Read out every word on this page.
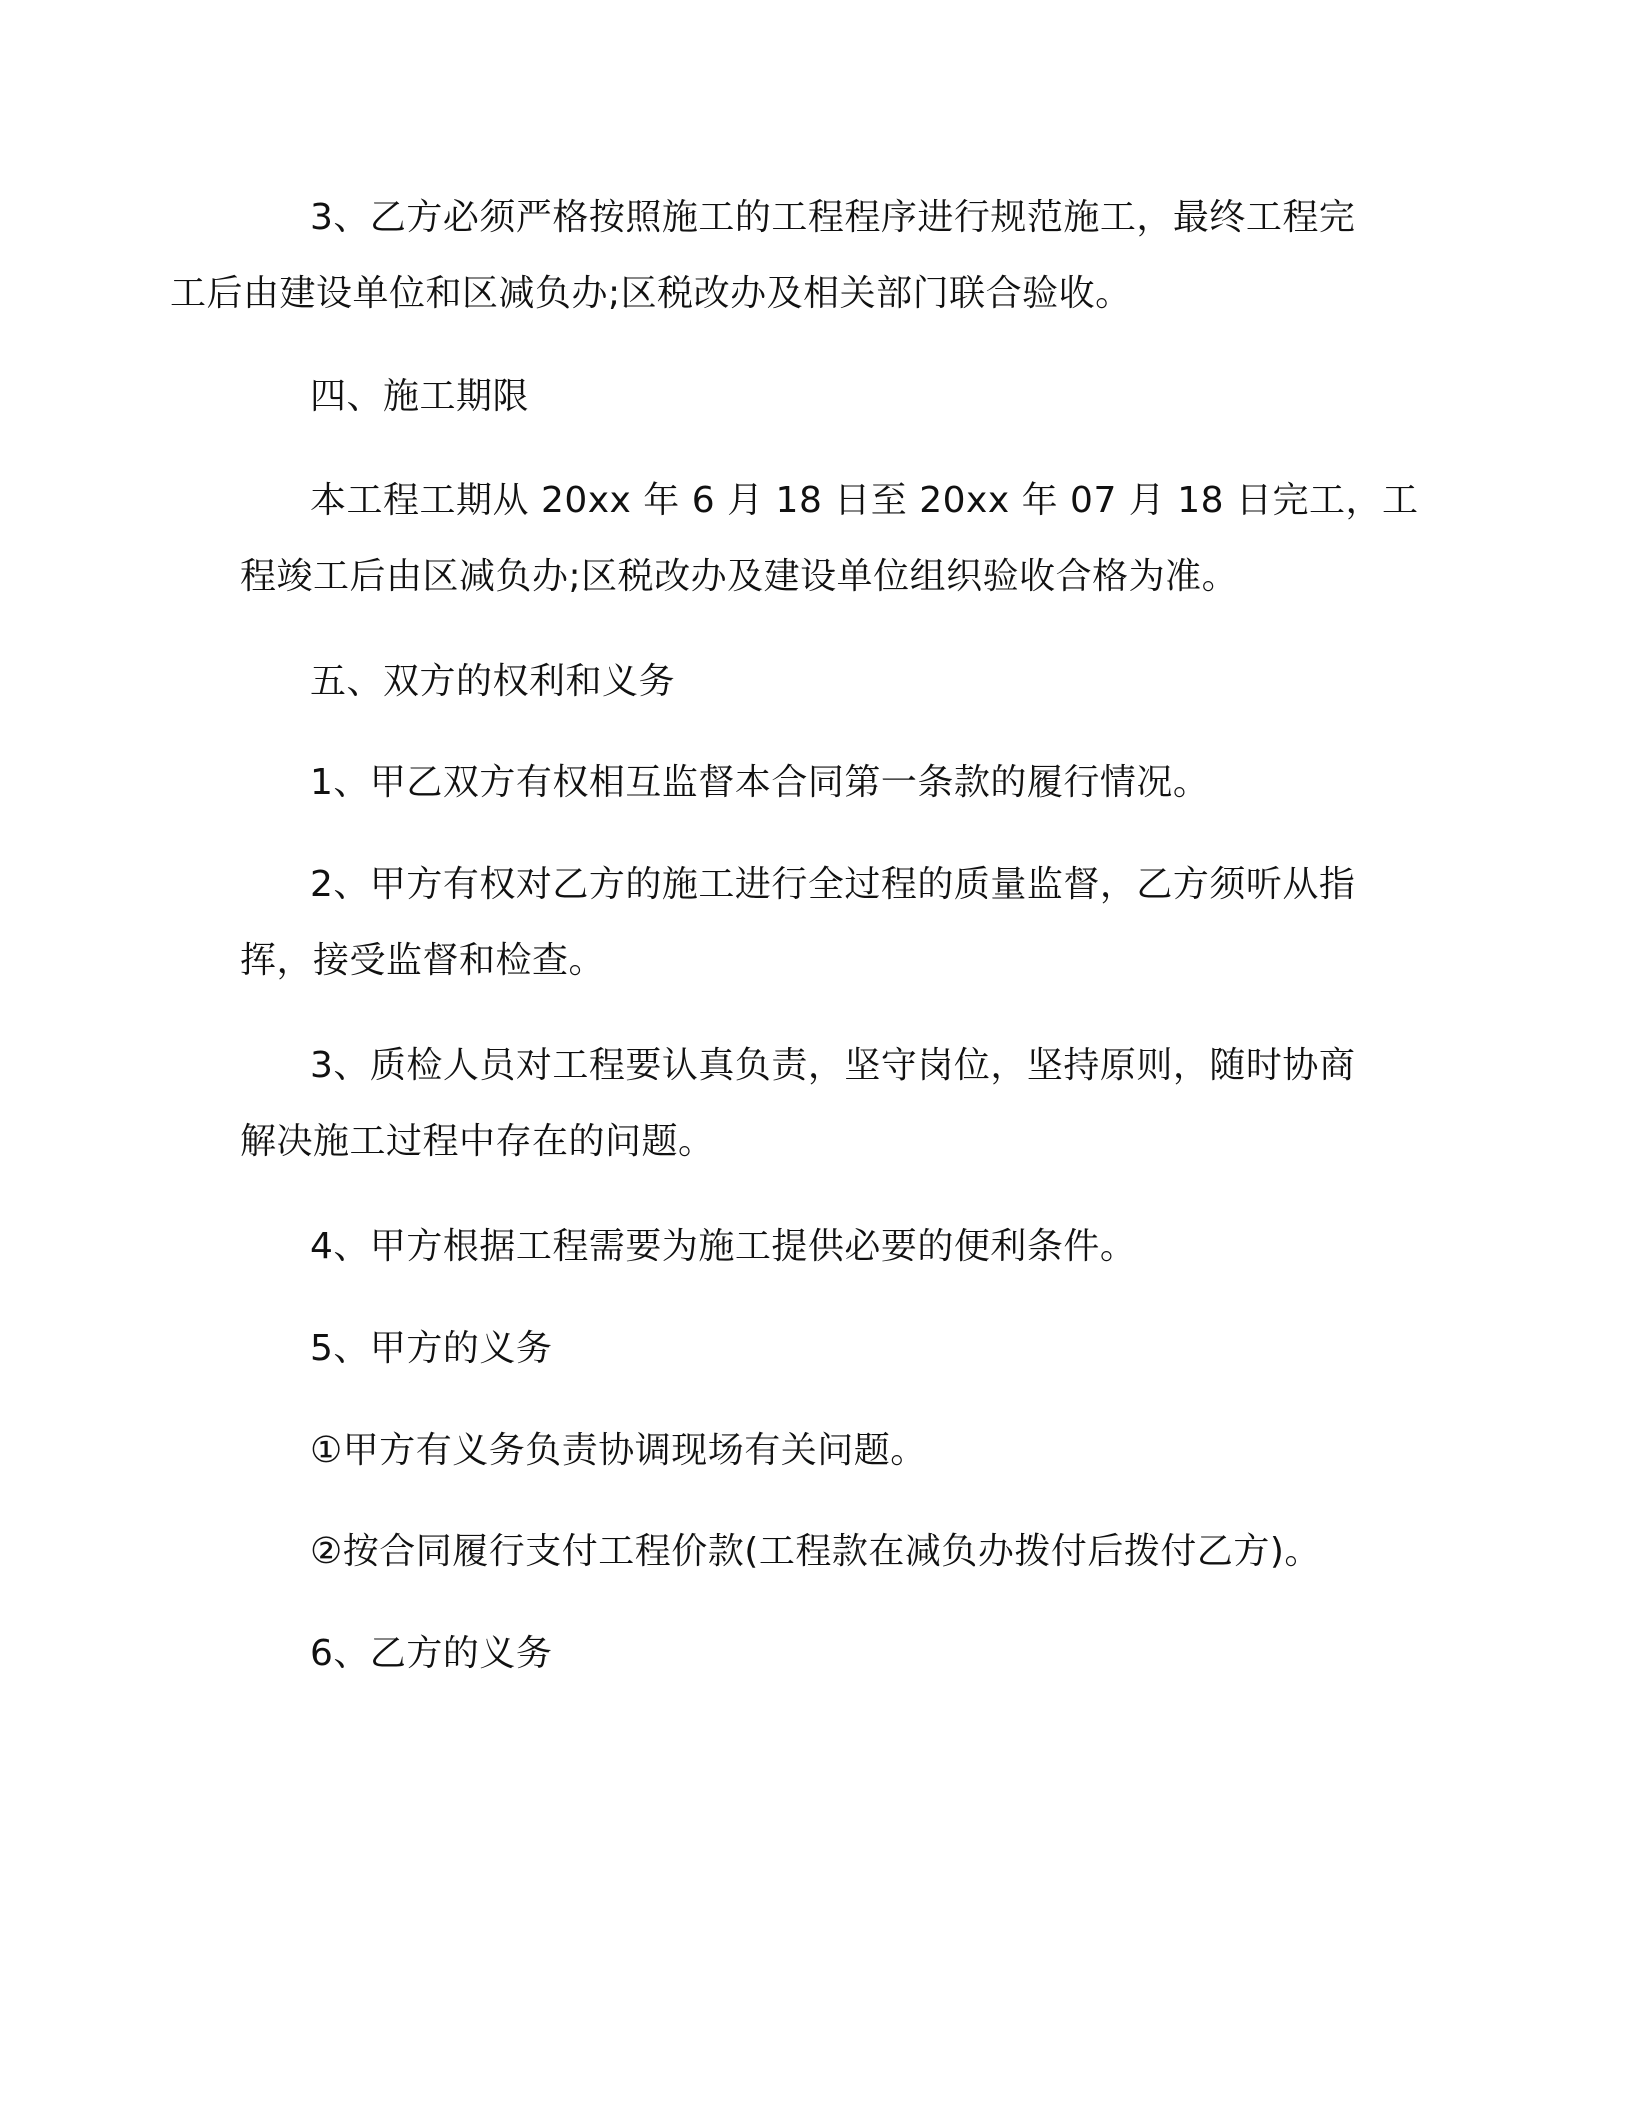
3、乙方必须严格按照施工的工程程序进行规范施工，最终工程完
工后由建设单位和区减负办;区税改办及相关部门联合验收。
四、施工期限
本工程工期从 20xx 年 6 月 18 日至 20xx 年 07 月 18 日完工，工
程竣工后由区减负办;区税改办及建设单位组织验收合格为准。
五、双方的权利和义务
1、甲乙双方有权相互监督本合同第一条款的履行情况。
2、甲方有权对乙方的施工进行全过程的质量监督，乙方须听从指
挥，接受监督和检查。
3、质检人员对工程要认真负责，坚守岗位，坚持原则，随时协商
解决施工过程中存在的问题。
4、甲方根据工程需要为施工提供必要的便利条件。
5、甲方的义务
①甲方有义务负责协调现场有关问题。
②按合同履行支付工程价款(工程款在减负办拨付后拨付乙方)。
6、乙方的义务
